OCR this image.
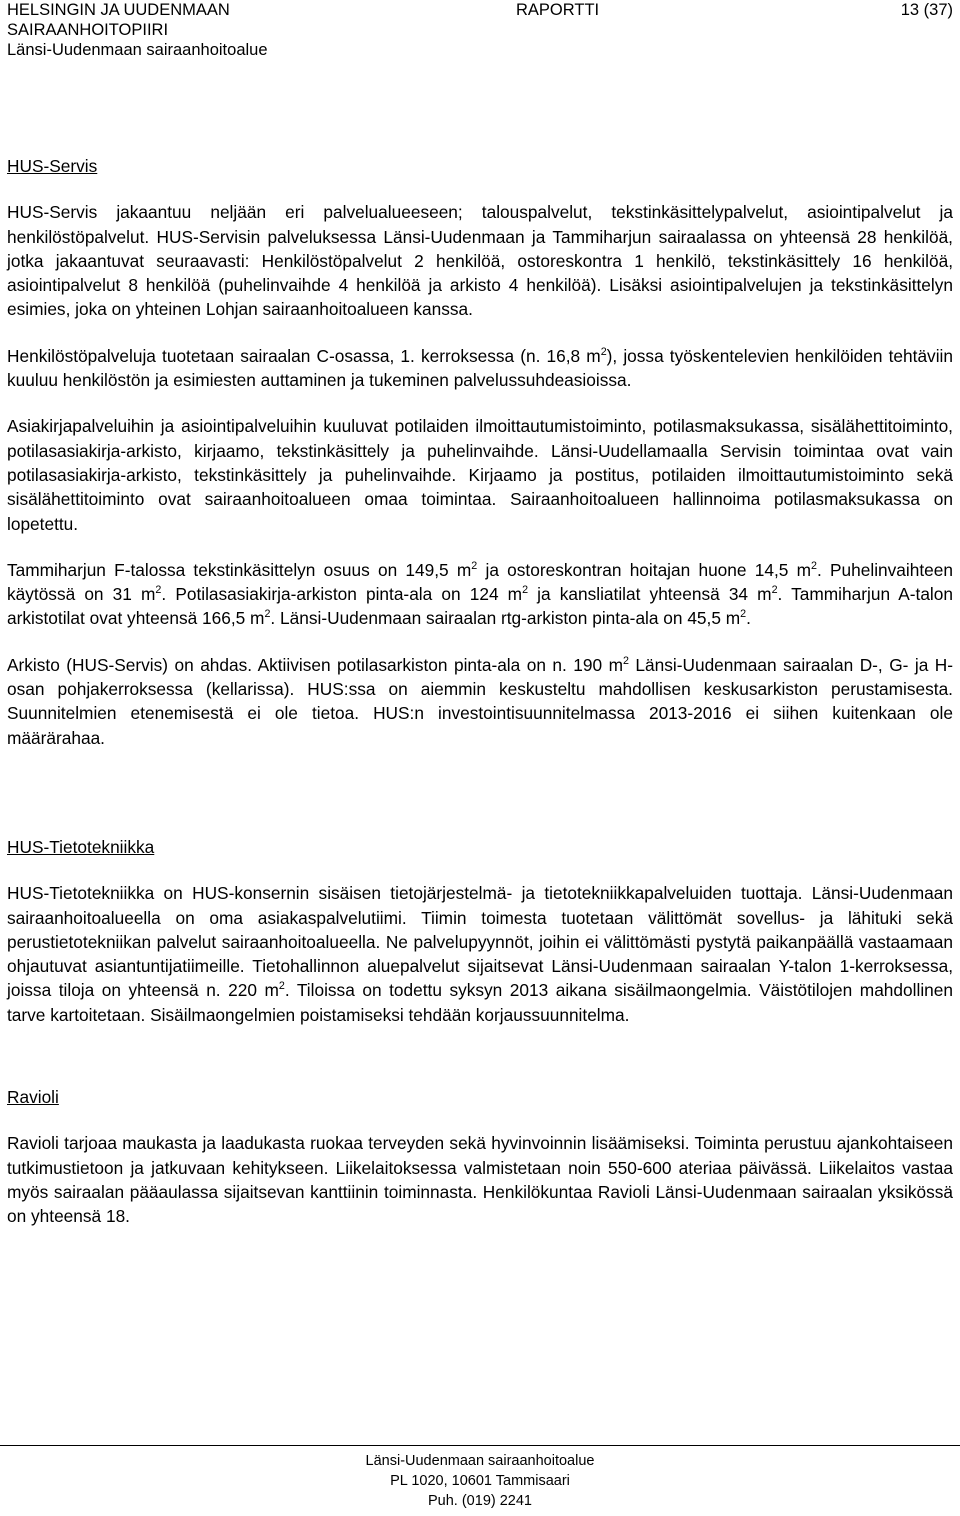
HELSINGIN JA UUDENMAAN	RAPORTTI	13 (37)
SAIRAANHOITOPIIRI
Länsi-Uudenmaan sairaanhoitoalue
HUS-Servis

HUS-Servis jakaantuu neljään eri palvelualueeseen; talouspalvelut, tekstinkäsittelypalvelut, asiointipalvelut ja henkilöstöpalvelut. HUS-Servisin palveluksessa Länsi-Uudenmaan ja Tammiharjun sairaalassa on yhteensä 28 henkilöä, jotka jakaantuvat seuraavasti: Henkilöstöpalvelut 2 henkilöä, ostoreskontra 1 henkilö, tekstinkäsittely 16 henkilöä, asiointipalvelut 8 henkilöä (puhelinvaihde 4 henkilöä ja arkisto 4 henkilöä). Lisäksi asiointipalvelujen ja tekstinkäsittelyn esimies, joka on yhteinen Lohjan sairaanhoitoalueen kanssa.

Henkilöstöpalveluja tuotetaan sairaalan C-osassa, 1. kerroksessa (n. 16,8 $m^2$), jossa työskentelevien henkilöiden tehtäviin kuuluu henkilöstön ja esimiesten auttaminen ja tukeminen palvelussuhdeasioissa.

Asiakirjapalveluihin ja asiointipalveluihin kuuluvat potilaiden ilmoittautumistoiminto, potilasmaksukassa, sisälähettitoiminto, potilasasiakirja-arkisto, kirjaamo, tekstinkäsittely ja puhelinvaihde. Länsi-Uudellamaalla Servisin toimintaa ovat vain potilasasiakirja-arkisto, tekstinkäsittely ja puhelinvaihde. Kirjaamo ja postitus, potilaiden ilmoittautumistoiminto sekä sisälähettitoiminto ovat sairaanhoitoalueen omaa toimintaa. Sairaanhoitoalueen hallinnoima potilasmaksukassa on lopetettu.

Tammiharjun F-talossa tekstinkäsittelyn osuus on 149,5 $m^2$ ja ostoreskontran hoitajan huone 14,5 $m^2$. Puhelinvaihteen käytössä on 31 $m^2$. Potilasasiakirja-arkiston pinta-ala on 124 $m^2$ ja kansliatilat yhteensä 34 $m^2$. Tammiharjun A-talon arkistotilat ovat yhteensä 166,5 $m^2$. Länsi-Uudenmaan sairaalan rtg-arkiston pinta-ala on 45,5 $m^2$.

Arkisto (HUS-Servis) on ahdas. Aktiivisen potilasarkiston pinta-ala on n. 190 $m^2$ Länsi-Uudenmaan sairaalan D-, G- ja H-osan pohjakerroksessa (kellarissa). HUS:ssa on aiemmin keskusteltu mahdollisen keskusarkiston perustamisesta. Suunnitelmien etenemisestä ei ole tietoa. HUS:n investointisuunnitelmassa 2013-2016 ei siihen kuitenkaan ole määrärahaa.

HUS-Tietotekniikka

HUS-Tietotekniikka on HUS-konsernin sisäisen tietojärjestelmä- ja tietotekniikkapalveluiden tuottaja. Länsi-Uudenmaan sairaanhoitoalueella on oma asiakaspalvelutiimi. Tiimin toimesta tuotetaan välittömät sovellus- ja lähituki sekä perustietotekniikan palvelut sairaanhoitoalueella. Ne palvelupyynnöt, joihin ei välittömästi pystytä paikanpäällä vastaamaan ohjautuvat asiantuntijatiimeille. Tietohallinnon aluepalvelut sijaitsevat Länsi-Uudenmaan sairaalan Y-talon 1-kerroksessa, joissa tiloja on yhteensä n. 220 $m^2$. Tiloissa on todettu syksyn 2013 aikana sisäilmaongelmia. Väistötilojen mahdollinen tarve kartoitetaan. Sisäilmaongelmien poistamiseksi tehdään korjaussuunnitelma.

Ravioli

Ravioli tarjoaa maukasta ja laadukasta ruokaa terveyden sekä hyvinvoinnin lisäämiseksi. Toiminta perustuu ajankohtaiseen tutkimustietoon ja jatkuvaan kehitykseen. Liikelaitoksessa valmistetaan noin 550-600 ateriaa päivässä. Liikelaitos vastaa myös sairaalan pääaulassa sijaitsevan kanttiinin toiminnasta. Henkilökuntaa Ravioli Länsi-Uudenmaan sairaalan yksikössä on yhteensä 18.

Länsi-Uudenmaan sairaanhoitoalue
PL 1020, 10601 Tammisaari
Puh. (019) 2241
